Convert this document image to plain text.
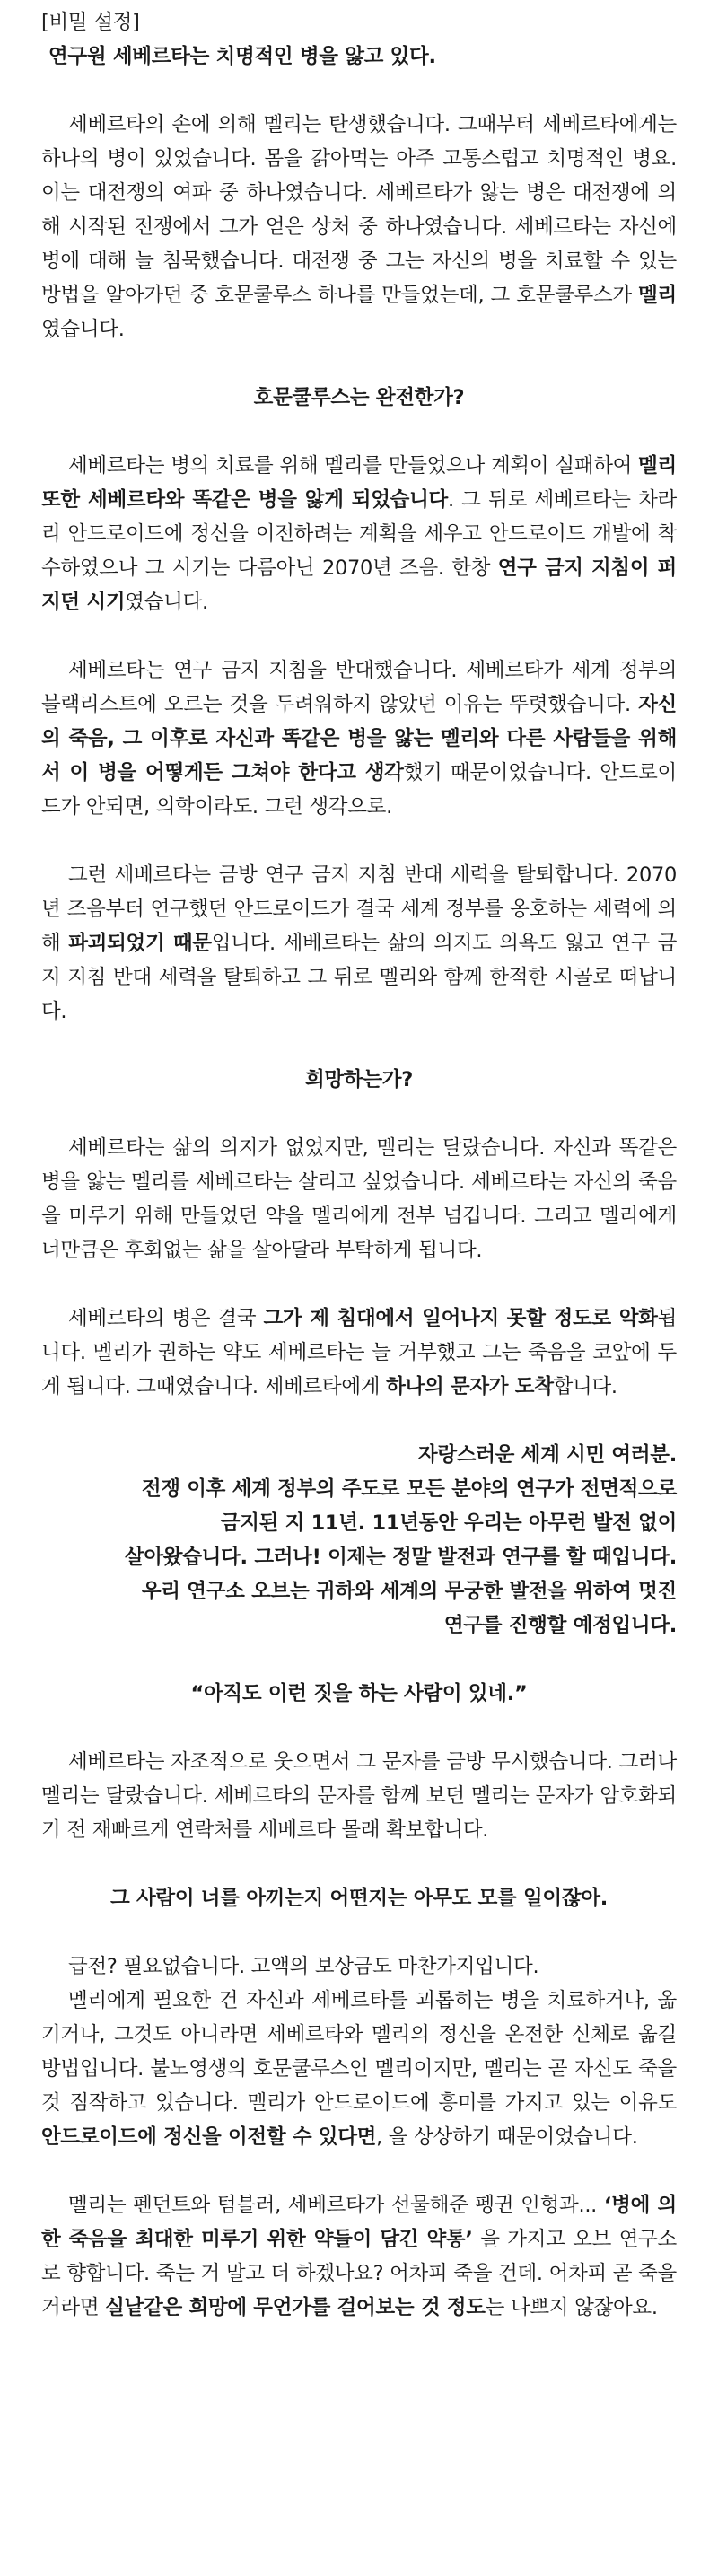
[비밀 설정]

연구원 세베르타는 치명적인 병을 앓고 있다.

세베르타의 손에 의해 멜리는 탄생했습니다. 그때부터 세베르타에게는 하나의 병이 있었습니다. 몸을 갉아먹는 아주 고통스럽고 치명적인 병요. 이는 대전쟁의 여파 중 하나였습니다. 세베르타가 앓는 병은 대전쟁에 의해 시작된 전쟁에서 그가 얻은 상처 중 하나였습니다. 세베르타는 자신에 병에 대해 늘 침묵했습니다. 대전쟁 중 그는 자신의 병을 치료할 수 있는 방법을 알아가던 중 호문쿨루스 하나를 만들었는데, 그 호문쿨루스가 멜리였습니다.

호문쿨루스는 완전한가?

세베르타는 병의 치료를 위해 멜리를 만들었으나 계획이 실패하여 멜리 또한 세베르타와 똑같은 병을 앓게 되었습니다. 그 뒤로 세베르타는 차라리 안드로이드에 정신을 이전하려는 계획을 세우고 안드로이드 개발에 착수하였으나 그 시기는 다름아닌 2070년 즈음. 한창 연구 금지 지침이 퍼지던 시기였습니다.

세베르타는 연구 금지 지침을 반대했습니다. 세베르타가 세계 정부의 블랙리스트에 오르는 것을 두려워하지 않았던 이유는 뚜렷했습니다. 자신의 죽음, 그 이후로 자신과 똑같은 병을 앓는 멜리와 다른 사람들을 위해서 이 병을 어떻게든 그쳐야 한다고 생각했기 때문이었습니다. 안드로이드가 안되면, 의학이라도. 그런 생각으로.

그런 세베르타는 금방 연구 금지 지침 반대 세력을 탈퇴합니다. 2070년 즈음부터 연구했던 안드로이드가 결국 세계 정부를 옹호하는 세력에 의해 파괴되었기 때문입니다. 세베르타는 삶의 의지도 의욕도 잃고 연구 금지 지침 반대 세력을 탈퇴하고 그 뒤로 멜리와 함께 한적한 시골로 떠납니다.

희망하는가?

세베르타는 삶의 의지가 없었지만, 멜리는 달랐습니다. 자신과 똑같은 병을 앓는 멜리를 세베르타는 살리고 싶었습니다. 세베르타는 자신의 죽음을 미루기 위해 만들었던 약을 멜리에게 전부 넘깁니다. 그리고 멜리에게 너만큼은 후회없는 삶을 살아달라 부탁하게 됩니다.

세베르타의 병은 결국 그가 제 침대에서 일어나지 못할 정도로 악화됩니다. 멜리가 권하는 약도 세베르타는 늘 거부했고 그는 죽음을 코앞에 두게 됩니다. 그때였습니다. 세베르타에게 하나의 문자가 도착합니다.

자랑스러운 세계 시민 여러분.

전쟁 이후 세계 정부의 주도로 모든 분야의 연구가 전면적으로

금지된 지 11년. 11년동안 우리는 아무런 발전 없이

살아왔습니다. 그러나! 이제는 정말 발전과 연구를 할 때입니다.

우리 연구소 오브는 귀하와 세계의 무궁한 발전을 위하여 멋진

연구를 진행할 예정입니다.

“아직도 이런 짓을 하는 사람이 있네.”

세베르타는 자조적으로 웃으면서 그 문자를 금방 무시했습니다. 그러나 멜리는 달랐습니다. 세베르타의 문자를 함께 보던 멜리는 문자가 암호화되기 전 재빠르게 연락처를 세베르타 몰래 확보합니다.

그 사람이 너를 아끼는지 어떤지는 아무도 모를 일이잖아.

급전? 필요없습니다. 고액의 보상금도 마찬가지입니다.

멜리에게 필요한 건 자신과 세베르타를 괴롭히는 병을 치료하거나, 옮기거나, 그것도 아니라면 세베르타와 멜리의 정신을 온전한 신체로 옮길 방법입니다. 불노영생의 호문쿨루스인 멜리이지만, 멜리는 곧 자신도 죽을 것 짐작하고 있습니다. 멜리가 안드로이드에 흥미를 가지고 있는 이유도 안드로이드에 정신을 이전할 수 있다면, 을 상상하기 때문이었습니다.

멜리는 펜던트와 텀블러, 세베르타가 선물해준 펭귄 인형과... ‘병에 의한 죽음을 최대한 미루기 위한 약들이 담긴 약통’ 을 가지고 오브 연구소로 향합니다. 죽는 거 말고 더 하겠나요? 어차피 죽을 건데. 어차피 곧 죽을 거라면 실낱같은 희망에 무언가를 걸어보는 것 정도는 나쁘지 않잖아요.
